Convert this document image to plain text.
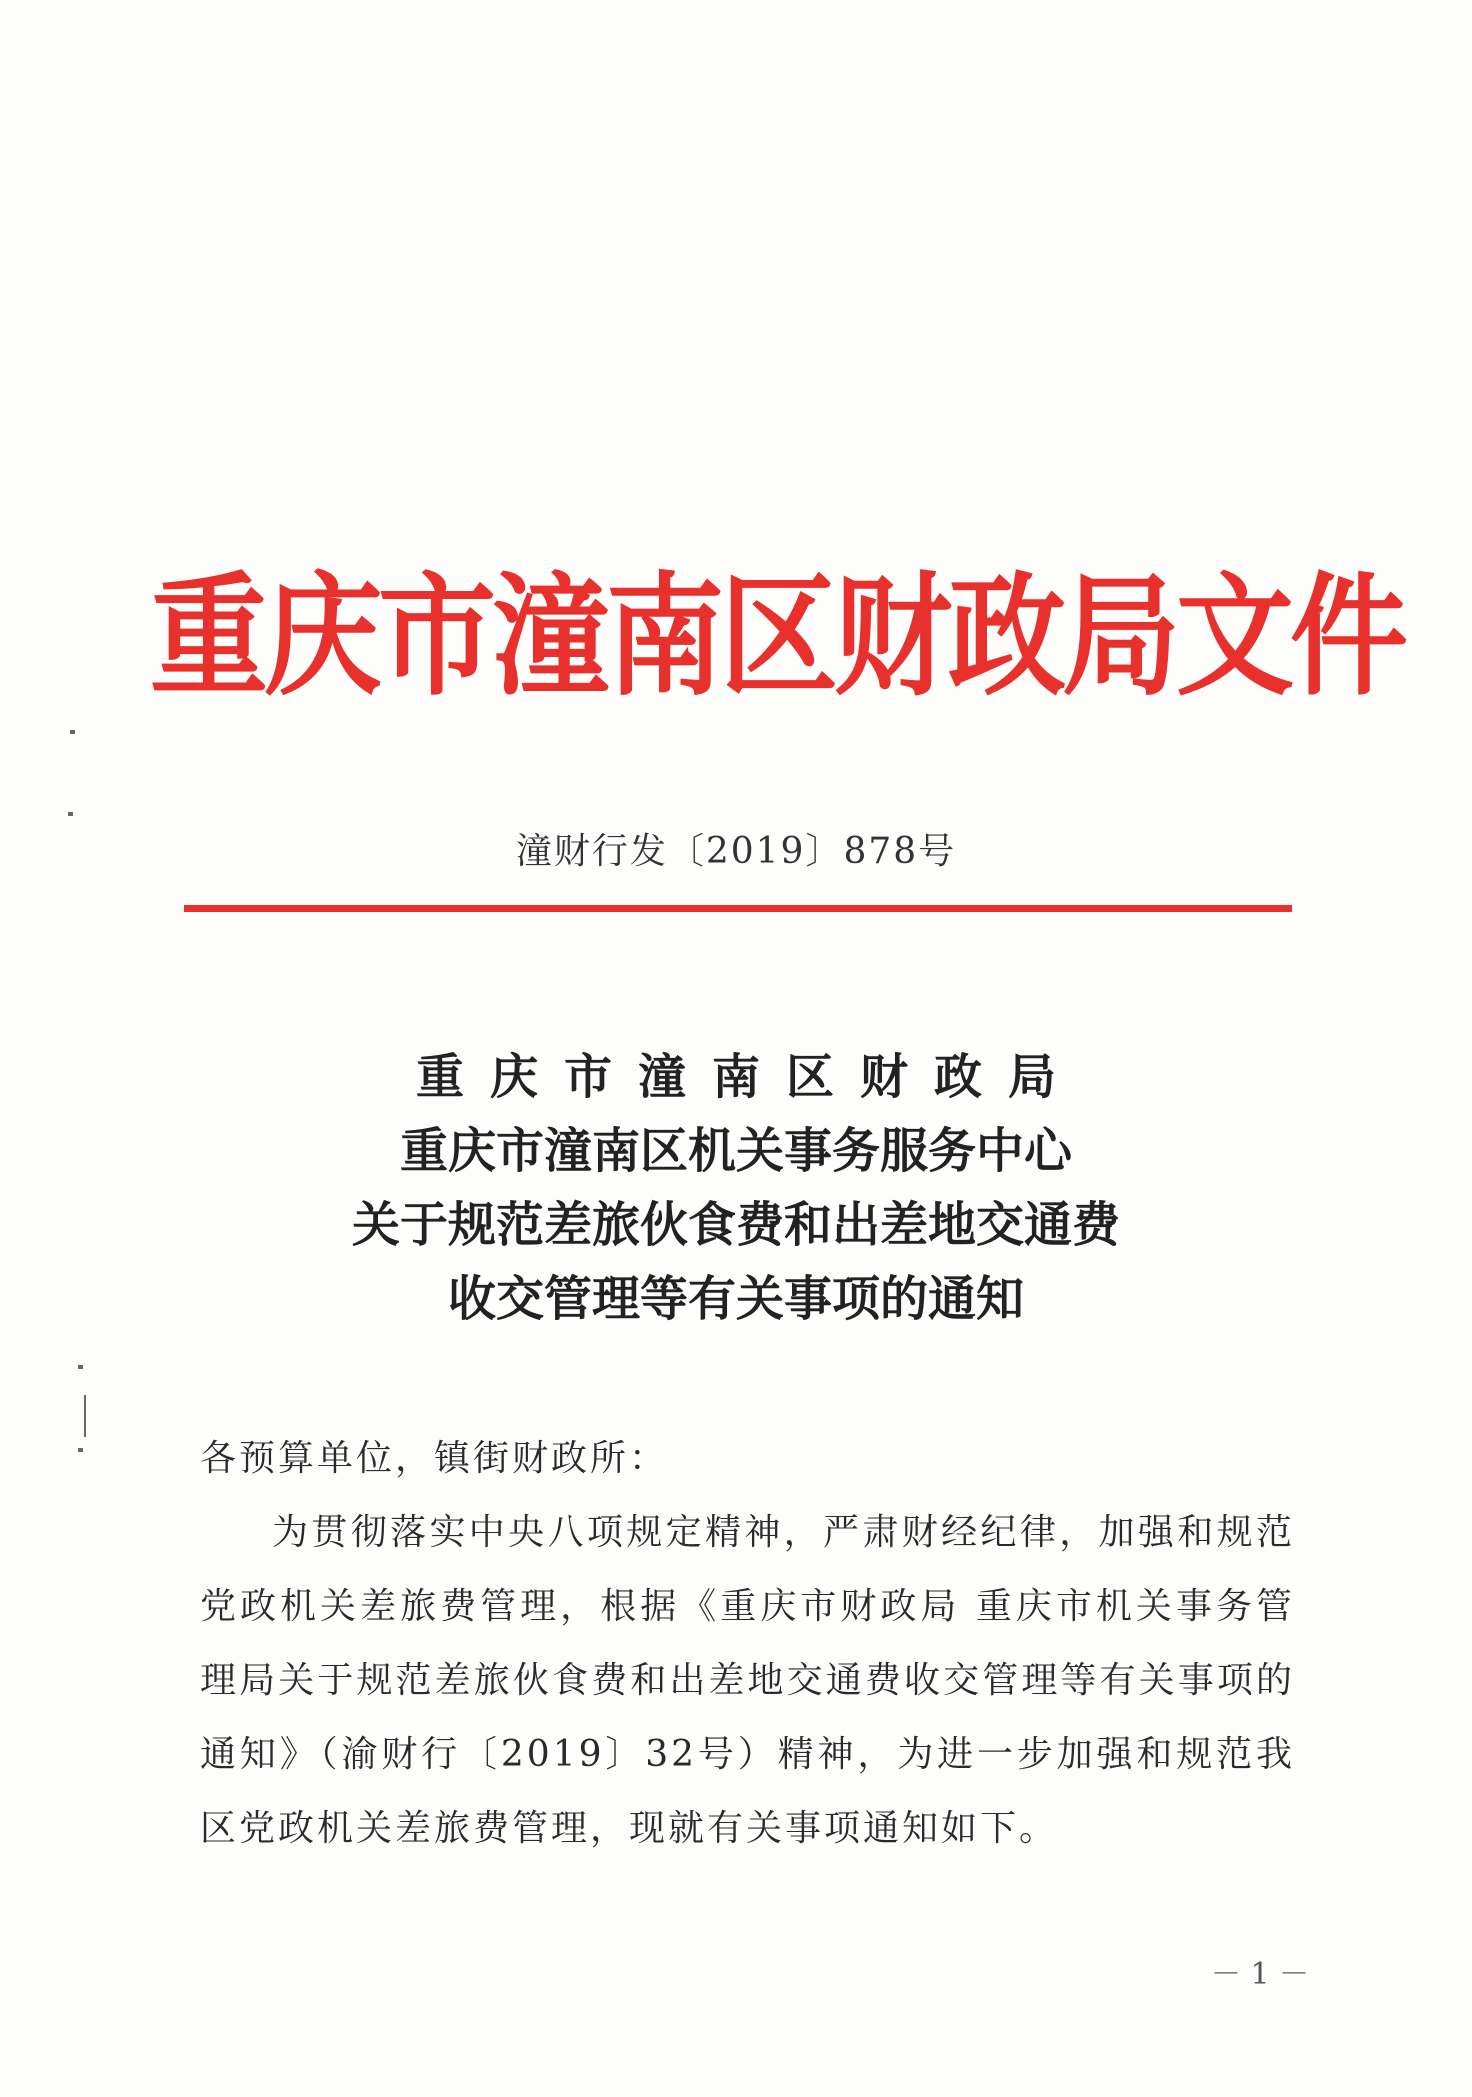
重庆市潼南区财政局文件
潼财行发〔2019〕878号
重庆市潼南区财政局
重庆市潼南区机关事务服务中心
关于规范差旅伙食费和出差地交通费
收交管理等有关事项的通知

各预算单位，镇街财政所：

为贯彻落实中央八项规定精神，严肃财经纪律，加强和规范党政机关差旅费管理，根据《重庆市财政局 重庆市机关事务管理局关于规范差旅伙食费和出差地交通费收交管理等有关事项的通知》（渝财行〔2019〕32号）精神，为进一步加强和规范我区党政机关差旅费管理，现就有关事项通知如下。

－ 1 －
